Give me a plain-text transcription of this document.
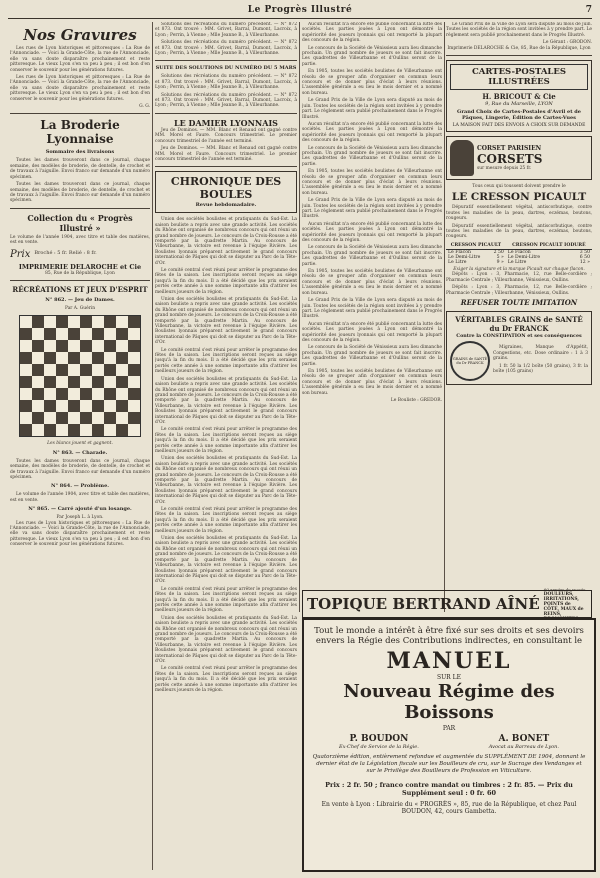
Le Progrès Illustré	7
Nos Gravures

Les rues de Lyon historiques et pittoresques : La Rue de l'Annonciade. — Voici la Grande-Côte, la rue de l'Annonciade, elle va sans doute disparaître prochainement et reste pittoresque. Le vieux Lyon s'en va peu à peu ; il est bon d'en conserver le souvenir pour les générations futures.

Les rues de Lyon historiques et pittoresques : La Rue de l'Annonciade. — Voici la Grande-Côte, la rue de l'Annonciade, elle va sans doute disparaître prochainement et reste pittoresque. Le vieux Lyon s'en va peu à peu ; il est bon d'en conserver le souvenir pour les générations futures.

G. G.
La Broderie Lyonnaise
Sommaire des livraisons

Toutes les dames trouveront dans ce journal, chaque semaine, des modèles de broderie, de dentelle, de crochet et de travaux à l'aiguille. Envoi franco sur demande d'un numéro spécimen.

Toutes les dames trouveront dans ce journal, chaque semaine, des modèles de broderie, de dentelle, de crochet et de travaux à l'aiguille. Envoi franco sur demande d'un numéro spécimen.

Collection du « Progrès Illustré »
Le volume de l'année 1904, avec titre et table des matières, est en vente.
Prix Broché : 5 fr. Relié : 8 fr.
IMPRIMERIE DELAROCHE et Cie
85, Rue de la République, Lyon
RÉCRÉATIONS ET JEUX D'ESPRIT
N° 862. — Jeu de Dames.
Par A. Guérin
Les blancs jouent et gagnent.
N° 863. — Charade.

Toutes les dames trouveront dans ce journal, chaque semaine, des modèles de broderie, de dentelle, de crochet et de travaux à l'aiguille. Envoi franco sur demande d'un numéro spécimen.

N° 864. — Problème.

Le volume de l'année 1904, avec titre et table des matières, est en vente.

N° 865. — Carré ajouté d'un losange.
Par Joseph L. à Lyon.

Les rues de Lyon historiques et pittoresques : La Rue de l'Annonciade. — Voici la Grande-Côte, la rue de l'Annonciade, elle va sans doute disparaître prochainement et reste pittoresque. Le vieux Lyon s'en va peu à peu ; il est bon d'en conserver le souvenir pour les générations futures.

Solutions des récréations du numéro précédent. — N° 872 et 873. Ont trouvé : MM. Grivet, Barral, Dumont, Lacroix, à Lyon ; Perrin, à Vienne ; Mlle Jeanne B., à Villeurbanne.

Solutions des récréations du numéro précédent. — N° 872 et 873. Ont trouvé : MM. Grivet, Barral, Dumont, Lacroix, à Lyon ; Perrin, à Vienne ; Mlle Jeanne B., à Villeurbanne.

SUITE DES SOLUTIONS DU NUMÉRO DU 5 MARS

Solutions des récréations du numéro précédent. — N° 872 et 873. Ont trouvé : MM. Grivet, Barral, Dumont, Lacroix, à Lyon ; Perrin, à Vienne ; Mlle Jeanne B., à Villeurbanne.

Solutions des récréations du numéro précédent. — N° 872 et 873. Ont trouvé : MM. Grivet, Barral, Dumont, Lacroix, à Lyon ; Perrin, à Vienne ; Mlle Jeanne B., à Villeurbanne.

LE DAMIER LYONNAIS

Jeu de Dominos. — MM. Blanc et Renaud ont gagné contre MM. Morel et Faure. Concours trimestriel. Le premier concours trimestriel de l'année est terminé.

Jeu de Dominos. — MM. Blanc et Renaud ont gagné contre MM. Morel et Faure. Concours trimestriel. Le premier concours trimestriel de l'année est terminé.

CHRONIQUE DES BOULES
Revue hebdomadaire.

Union des sociétés boulistes et pratiquants du Sud-Est. La saison bouliste a repris avec une grande activité. Les sociétés du Rhône ont organisé de nombreux concours qui ont réuni un grand nombre de joueurs. Le concours de la Croix-Rousse a été remporté par la quadrette Martin. Au concours de Villeurbanne, la victoire est revenue à l'équipe Rivière. Les Boulistes lyonnais préparent activement le grand concours international de Pâques qui doit se disputer au Parc de la Tête-d'Or.

Le comité central s'est réuni pour arrêter le programme des fêtes de la saison. Les inscriptions seront reçues au siège jusqu'à la fin du mois. Il a été décidé que les prix seraient portés cette année à une somme importante afin d'attirer les meilleurs joueurs de la région.

Union des sociétés boulistes et pratiquants du Sud-Est. La saison bouliste a repris avec une grande activité. Les sociétés du Rhône ont organisé de nombreux concours qui ont réuni un grand nombre de joueurs. Le concours de la Croix-Rousse a été remporté par la quadrette Martin. Au concours de Villeurbanne, la victoire est revenue à l'équipe Rivière. Les Boulistes lyonnais préparent activement le grand concours international de Pâques qui doit se disputer au Parc de la Tête-d'Or.

Le comité central s'est réuni pour arrêter le programme des fêtes de la saison. Les inscriptions seront reçues au siège jusqu'à la fin du mois. Il a été décidé que les prix seraient portés cette année à une somme importante afin d'attirer les meilleurs joueurs de la région.

Union des sociétés boulistes et pratiquants du Sud-Est. La saison bouliste a repris avec une grande activité. Les sociétés du Rhône ont organisé de nombreux concours qui ont réuni un grand nombre de joueurs. Le concours de la Croix-Rousse a été remporté par la quadrette Martin. Au concours de Villeurbanne, la victoire est revenue à l'équipe Rivière. Les Boulistes lyonnais préparent activement le grand concours international de Pâques qui doit se disputer au Parc de la Tête-d'Or.

Le comité central s'est réuni pour arrêter le programme des fêtes de la saison. Les inscriptions seront reçues au siège jusqu'à la fin du mois. Il a été décidé que les prix seraient portés cette année à une somme importante afin d'attirer les meilleurs joueurs de la région.

Union des sociétés boulistes et pratiquants du Sud-Est. La saison bouliste a repris avec une grande activité. Les sociétés du Rhône ont organisé de nombreux concours qui ont réuni un grand nombre de joueurs. Le concours de la Croix-Rousse a été remporté par la quadrette Martin. Au concours de Villeurbanne, la victoire est revenue à l'équipe Rivière. Les Boulistes lyonnais préparent activement le grand concours international de Pâques qui doit se disputer au Parc de la Tête-d'Or.

Le comité central s'est réuni pour arrêter le programme des fêtes de la saison. Les inscriptions seront reçues au siège jusqu'à la fin du mois. Il a été décidé que les prix seraient portés cette année à une somme importante afin d'attirer les meilleurs joueurs de la région.

Union des sociétés boulistes et pratiquants du Sud-Est. La saison bouliste a repris avec une grande activité. Les sociétés du Rhône ont organisé de nombreux concours qui ont réuni un grand nombre de joueurs. Le concours de la Croix-Rousse a été remporté par la quadrette Martin. Au concours de Villeurbanne, la victoire est revenue à l'équipe Rivière. Les Boulistes lyonnais préparent activement le grand concours international de Pâques qui doit se disputer au Parc de la Tête-d'Or.

Le comité central s'est réuni pour arrêter le programme des fêtes de la saison. Les inscriptions seront reçues au siège jusqu'à la fin du mois. Il a été décidé que les prix seraient portés cette année à une somme importante afin d'attirer les meilleurs joueurs de la région.

Union des sociétés boulistes et pratiquants du Sud-Est. La saison bouliste a repris avec une grande activité. Les sociétés du Rhône ont organisé de nombreux concours qui ont réuni un grand nombre de joueurs. Le concours de la Croix-Rousse a été remporté par la quadrette Martin. Au concours de Villeurbanne, la victoire est revenue à l'équipe Rivière. Les Boulistes lyonnais préparent activement le grand concours international de Pâques qui doit se disputer au Parc de la Tête-d'Or.

Le comité central s'est réuni pour arrêter le programme des fêtes de la saison. Les inscriptions seront reçues au siège jusqu'à la fin du mois. Il a été décidé que les prix seraient portés cette année à une somme importante afin d'attirer les meilleurs joueurs de la région.

Aucun résultat n'a encore été publié concernant la lutte des sociétés. Les parties jouées à Lyon ont démontré la supériorité des joueurs lyonnais qui ont remporté la plupart des concours de la région.

Le concours de la Société de Vénissieux aura lieu dimanche prochain. Un grand nombre de joueurs se sont fait inscrire. Les quadrettes de Villeurbanne et d'Oullins seront de la partie.

En 1905, toutes les sociétés boulistes de Villeurbanne ont résolu de se grouper afin d'organiser en commun leurs concours et de donner plus d'éclat à leurs réunions. L'assemblée générale a eu lieu le mois dernier et a nommé son bureau.

Le Grand Prix de la Ville de Lyon sera disputé au mois de juin. Toutes les sociétés de la région sont invitées à y prendre part. Le règlement sera publié prochainement dans le Progrès Illustré.

Aucun résultat n'a encore été publié concernant la lutte des sociétés. Les parties jouées à Lyon ont démontré la supériorité des joueurs lyonnais qui ont remporté la plupart des concours de la région.

Le concours de la Société de Vénissieux aura lieu dimanche prochain. Un grand nombre de joueurs se sont fait inscrire. Les quadrettes de Villeurbanne et d'Oullins seront de la partie.

En 1905, toutes les sociétés boulistes de Villeurbanne ont résolu de se grouper afin d'organiser en commun leurs concours et de donner plus d'éclat à leurs réunions. L'assemblée générale a eu lieu le mois dernier et a nommé son bureau.

Le Grand Prix de la Ville de Lyon sera disputé au mois de juin. Toutes les sociétés de la région sont invitées à y prendre part. Le règlement sera publié prochainement dans le Progrès Illustré.

Aucun résultat n'a encore été publié concernant la lutte des sociétés. Les parties jouées à Lyon ont démontré la supériorité des joueurs lyonnais qui ont remporté la plupart des concours de la région.

Le concours de la Société de Vénissieux aura lieu dimanche prochain. Un grand nombre de joueurs se sont fait inscrire. Les quadrettes de Villeurbanne et d'Oullins seront de la partie.

En 1905, toutes les sociétés boulistes de Villeurbanne ont résolu de se grouper afin d'organiser en commun leurs concours et de donner plus d'éclat à leurs réunions. L'assemblée générale a eu lieu le mois dernier et a nommé son bureau.

Le Grand Prix de la Ville de Lyon sera disputé au mois de juin. Toutes les sociétés de la région sont invitées à y prendre part. Le règlement sera publié prochainement dans le Progrès Illustré.

Aucun résultat n'a encore été publié concernant la lutte des sociétés. Les parties jouées à Lyon ont démontré la supériorité des joueurs lyonnais qui ont remporté la plupart des concours de la région.

Le concours de la Société de Vénissieux aura lieu dimanche prochain. Un grand nombre de joueurs se sont fait inscrire. Les quadrettes de Villeurbanne et d'Oullins seront de la partie.

En 1905, toutes les sociétés boulistes de Villeurbanne ont résolu de se grouper afin d'organiser en commun leurs concours et de donner plus d'éclat à leurs réunions. L'assemblée générale a eu lieu le mois dernier et a nommé son bureau.

Le Bouliste : GREDOR.

Le Grand Prix de la Ville de Lyon sera disputé au mois de juin. Toutes les sociétés de la région sont invitées à y prendre part. Le règlement sera publié prochainement dans le Progrès Illustré.

Le Gérant : GRODON.
Imprimerie DELAROCHE & Cie, 85, Rue de la République, Lyon
CARTES-POSTALES ILLUSTRÉES
H. BRICOUT & Cie
9, Rue du Marseille, LYON
Grand Choix de Cartes-Postales d'Avril et de Pâques, Lingerie, Édition de Cartes-Vues
LA MAISON FAIT DES ENVOIS A CHOIX SUR DEMANDE
CORSET PARISIEN
CORSETS
sur mesure depuis 25 fr.
Tous ceux qui toussent doivent prendre le
LE CRESSON PICAULT

Dépuratif essentiellement végétal, antiscorbutique, contre toutes les maladies de la peau, dartres, eczémas, boutons, rougeurs.

Dépuratif essentiellement végétal, antiscorbutique, contre toutes les maladies de la peau, dartres, eczémas, boutons, rougeurs.

CRESSON PICAULT		CRESSON PICAULT IODURÉ	
Le Flacon	2 50	Le Flacon	3 50
Le Demi-Litre	5 »	Le Demi-Litre	6 50
Le Litre	9 »	Le Litre	12 »
Exiger la signature et la marque Picault sur chaque flacon.

Dépôts : Lyon : 3, Pharmacie, 12, rue Belle-cordière ; Pharmacie Centrale ; Villeurbanne, Vénissieux, Oullins.

Dépôts : Lyon : 3, Pharmacie, 12, rue Belle-cordière ; Pharmacie Centrale ; Villeurbanne, Vénissieux, Oullins.

REFUSER TOUTE IMITATION
VÉRITABLES GRAINS de SANTÉ du Dr FRANCK
Contre la CONSTIPATION et ses conséquences
GRAINS de SANTÉ du Dr FRANCK

Migraines, Manque d'Appétit, Congestions, etc. Dose ordinaire : 1 à 3 grains.

1 fr. 50 la 1/2 boîte (50 grains), 3 fr. la boîte (105 grains)

TOPIQUE BERTRAND AÎNÉ
60 années de succès
DOULEURS, IRRITATIONS, POINTS de CÔTÉ, MAUX de REINS,
Tout le monde a intérêt à être fixé sur ses droits et ses devoirs envers la Régie des Contributions indirectes, en consultant le
MANUEL
SUR LE
Nouveau Régime des Boissons
PAR
P. BOUDON
Ex-Chef de Service de la Régie.
A. BONET
Avocat au Barreau de Lyon.
Quatorzième édition, entièrement refondue et augmentée du SUPPLÉMENT DE 1904, donnant le dernier état de la Législation fiscale sur les Bouilleurs de cru, sur le Sucrage des Vendanges et sur le Privilège des Bouilleurs de Profession en Viticulture.
Prix : 2 fr. 50 ; franco contre mandat ou timbres : 2 fr. 85. — Prix du Supplément seul : 0 fr. 60
En vente à Lyon : Librairie du « PROGRÈS », 85, rue de la République, et chez Paul BOUDON, 42, cours Gambetta.
